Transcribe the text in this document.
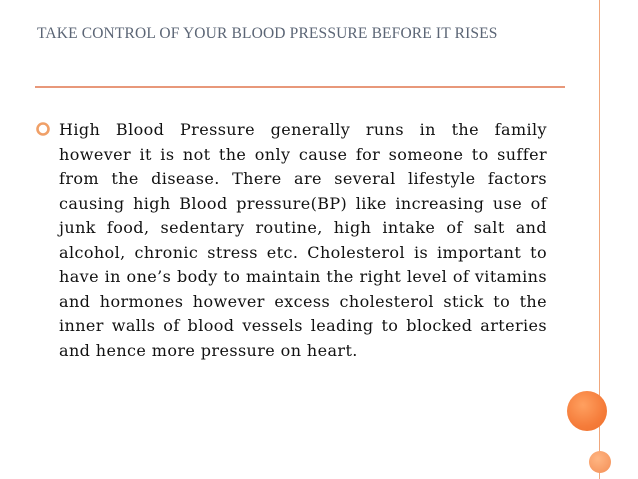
TAKE CONTROL OF YOUR BLOOD PRESSURE BEFORE IT RISES
High Blood Pressure generally runs in the family however it is not the only cause for someone to suffer from the disease. There are several lifestyle factors causing high Blood pressure(BP) like increasing use of junk food, sedentary routine, high intake of salt and alcohol, chronic stress etc. Cholesterol is important to have in one’s body to maintain the right level of vitamins and hormones however excess cholesterol stick to the inner walls of blood vessels leading to blocked arteries and hence more pressure on heart.
